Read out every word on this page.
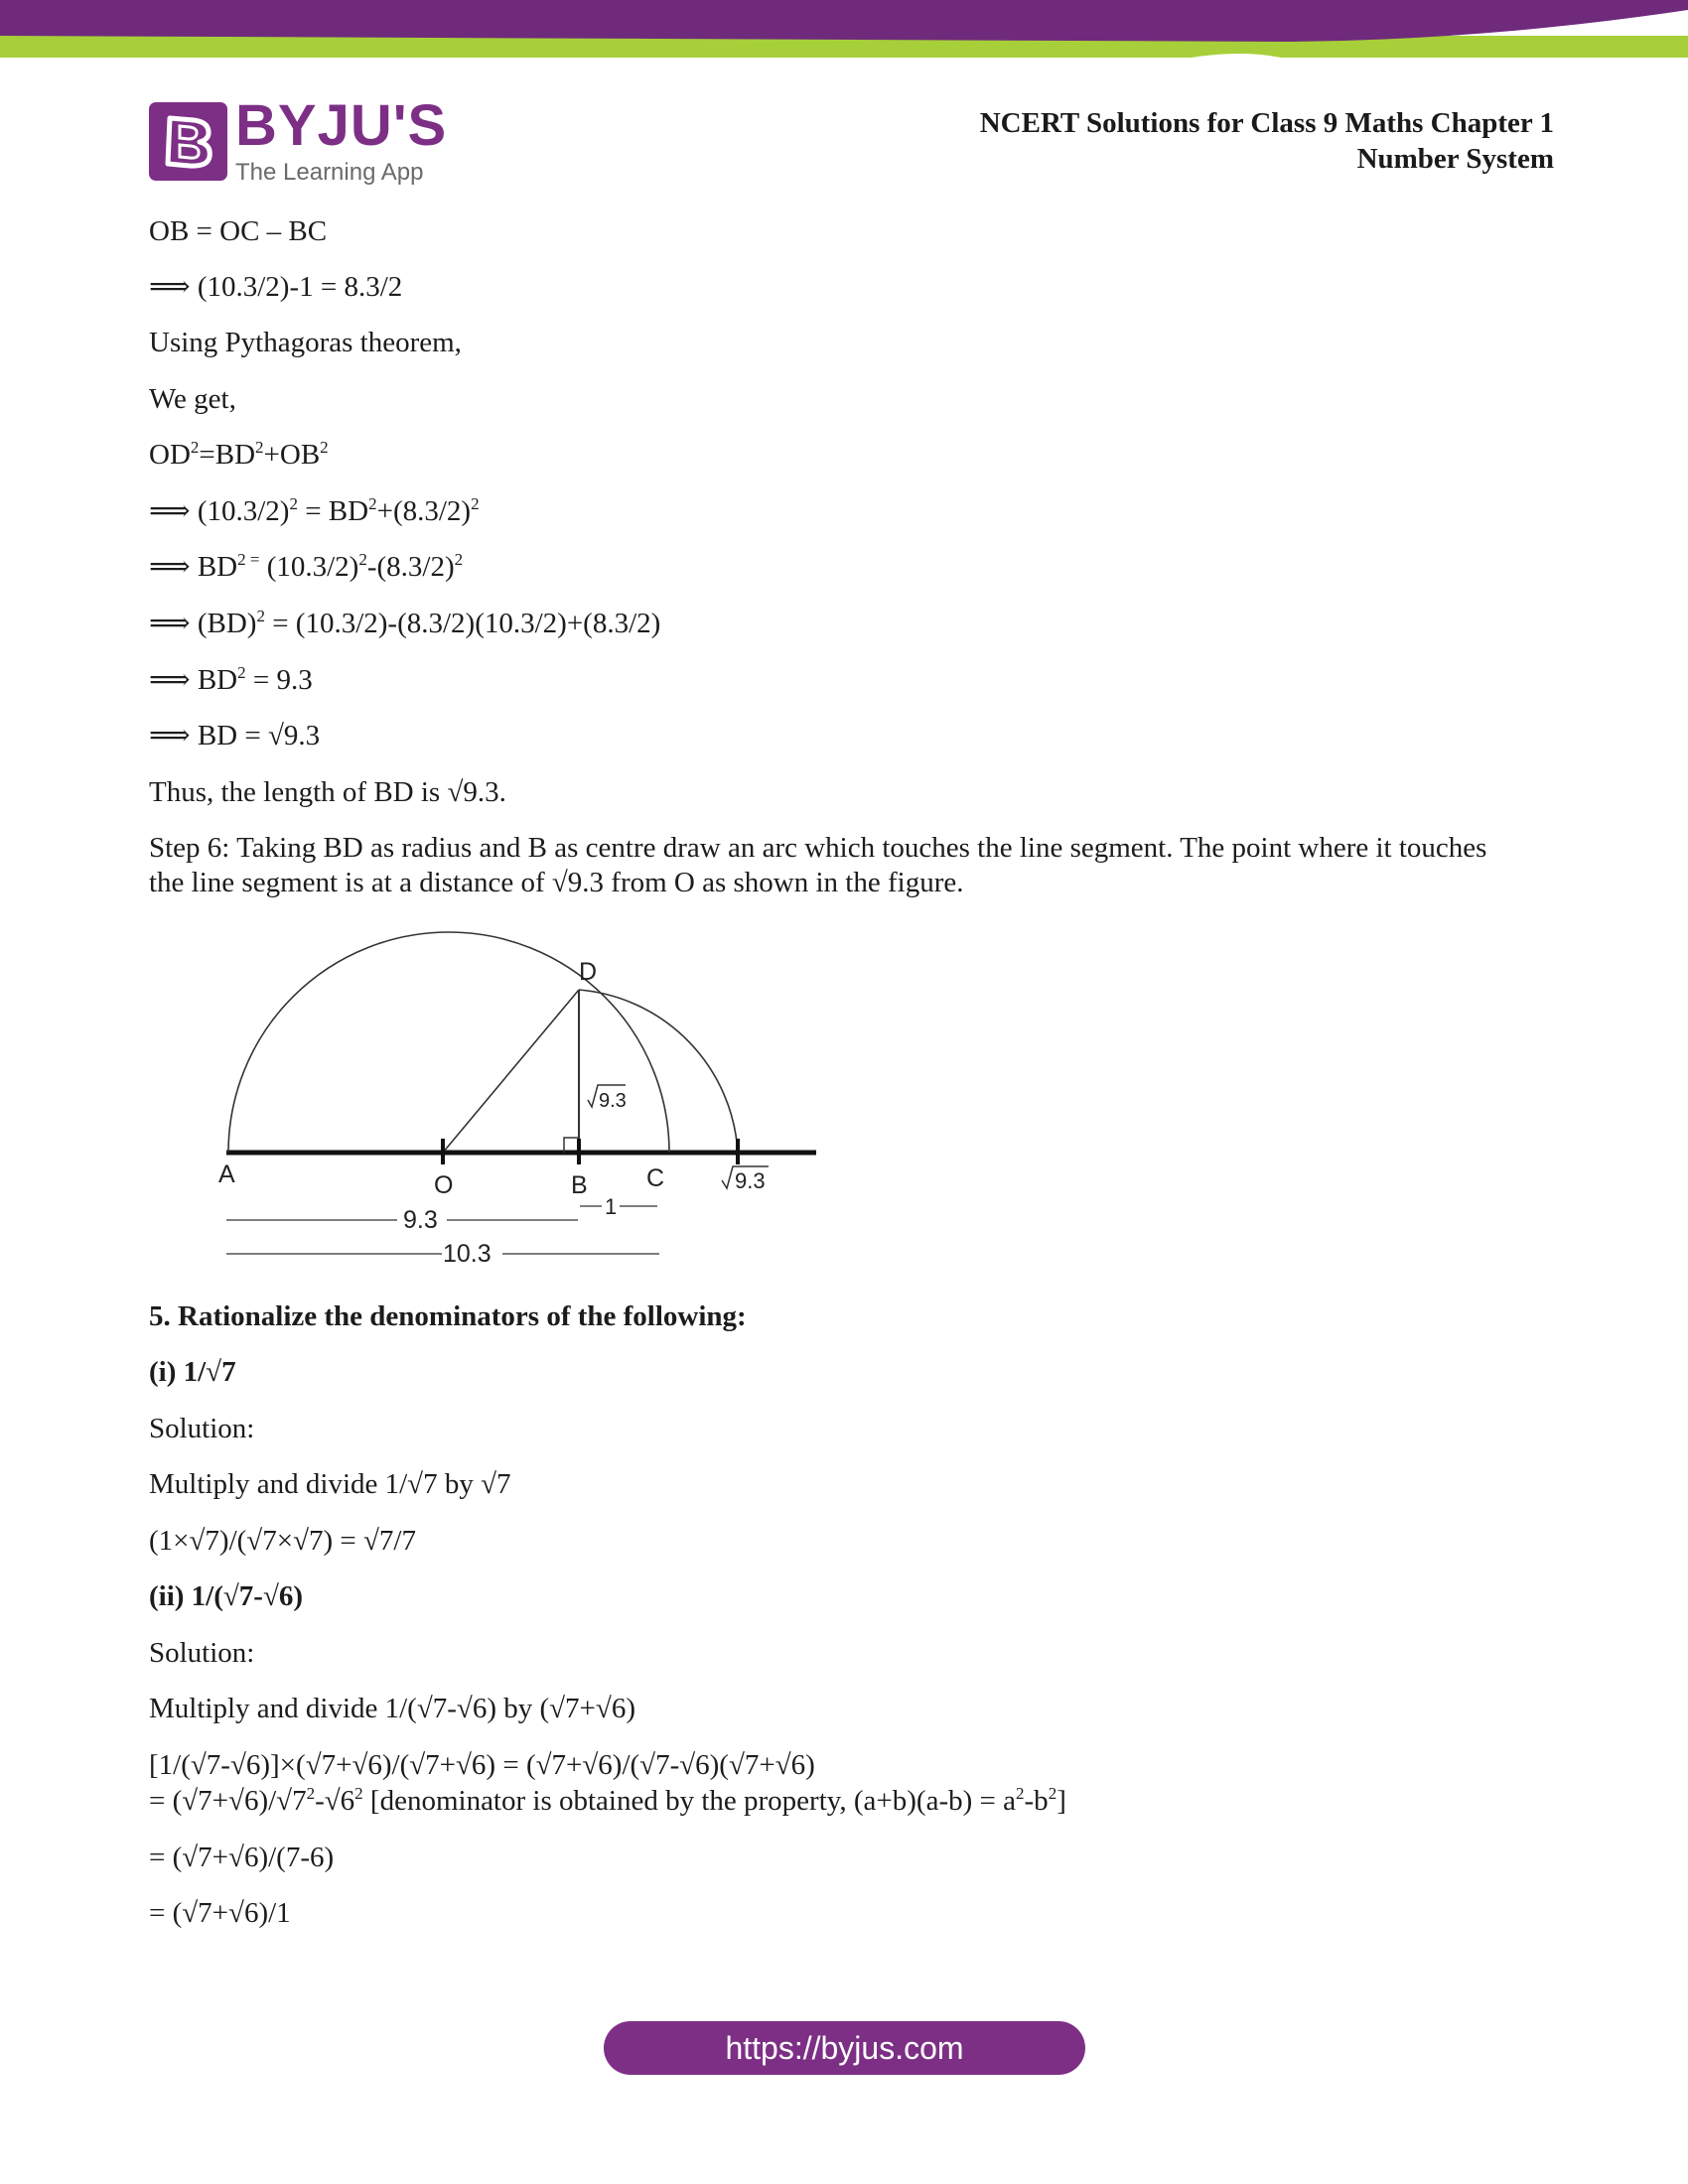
BYJU'S
The Learning App
NCERT Solutions for Class 9 Maths Chapter 1
Number System
OB = OC – BC
⟹ (10.3/2)-1 = 8.3/2
Using Pythagoras theorem,
We get,
$OD^2=BD^2+OB^2$
⟹ $(10.3/2)^2 = BD^2+(8.3/2)^2$
⟹ $BD^{2 =}$ $(10.3/2)^2-(8.3/2)^2$
⟹ (BD)$^2$ = (10.3/2)-(8.3/2)(10.3/2)+(8.3/2)
⟹ $BD^2 = 9.3$
⟹ BD = √9.3
Thus, the length of BD is √9.3.
Step 6: Taking BD as radius and B as centre draw an arc which touches the line segment. The point where it touches the line segment is at a distance of √9.3 from O as shown in the figure.
5. Rationalize the denominators of the following:
(i) 1/√7
Solution:
Multiply and divide 1/√7 by √7
(1×√7)/(√7×√7) = √7/7
(ii) 1/(√7-√6)
Solution:
Multiply and divide 1/(√7-√6) by (√7+√6)
[1/(√7-√6)]×(√7+√6)/(√7+√6) = (√7+√6)/(√7-√6)(√7+√6)
= $(√7+√6)/√7^2-√6^2$ [denominator is obtained by the property, $(a+b)(a-b) = a^2-b^2$]
= (√7+√6)/(7-6)
= (√7+√6)/1
D
A	O	B C
9.3
9.3
1
9.3
10.3
https://byjus.com
